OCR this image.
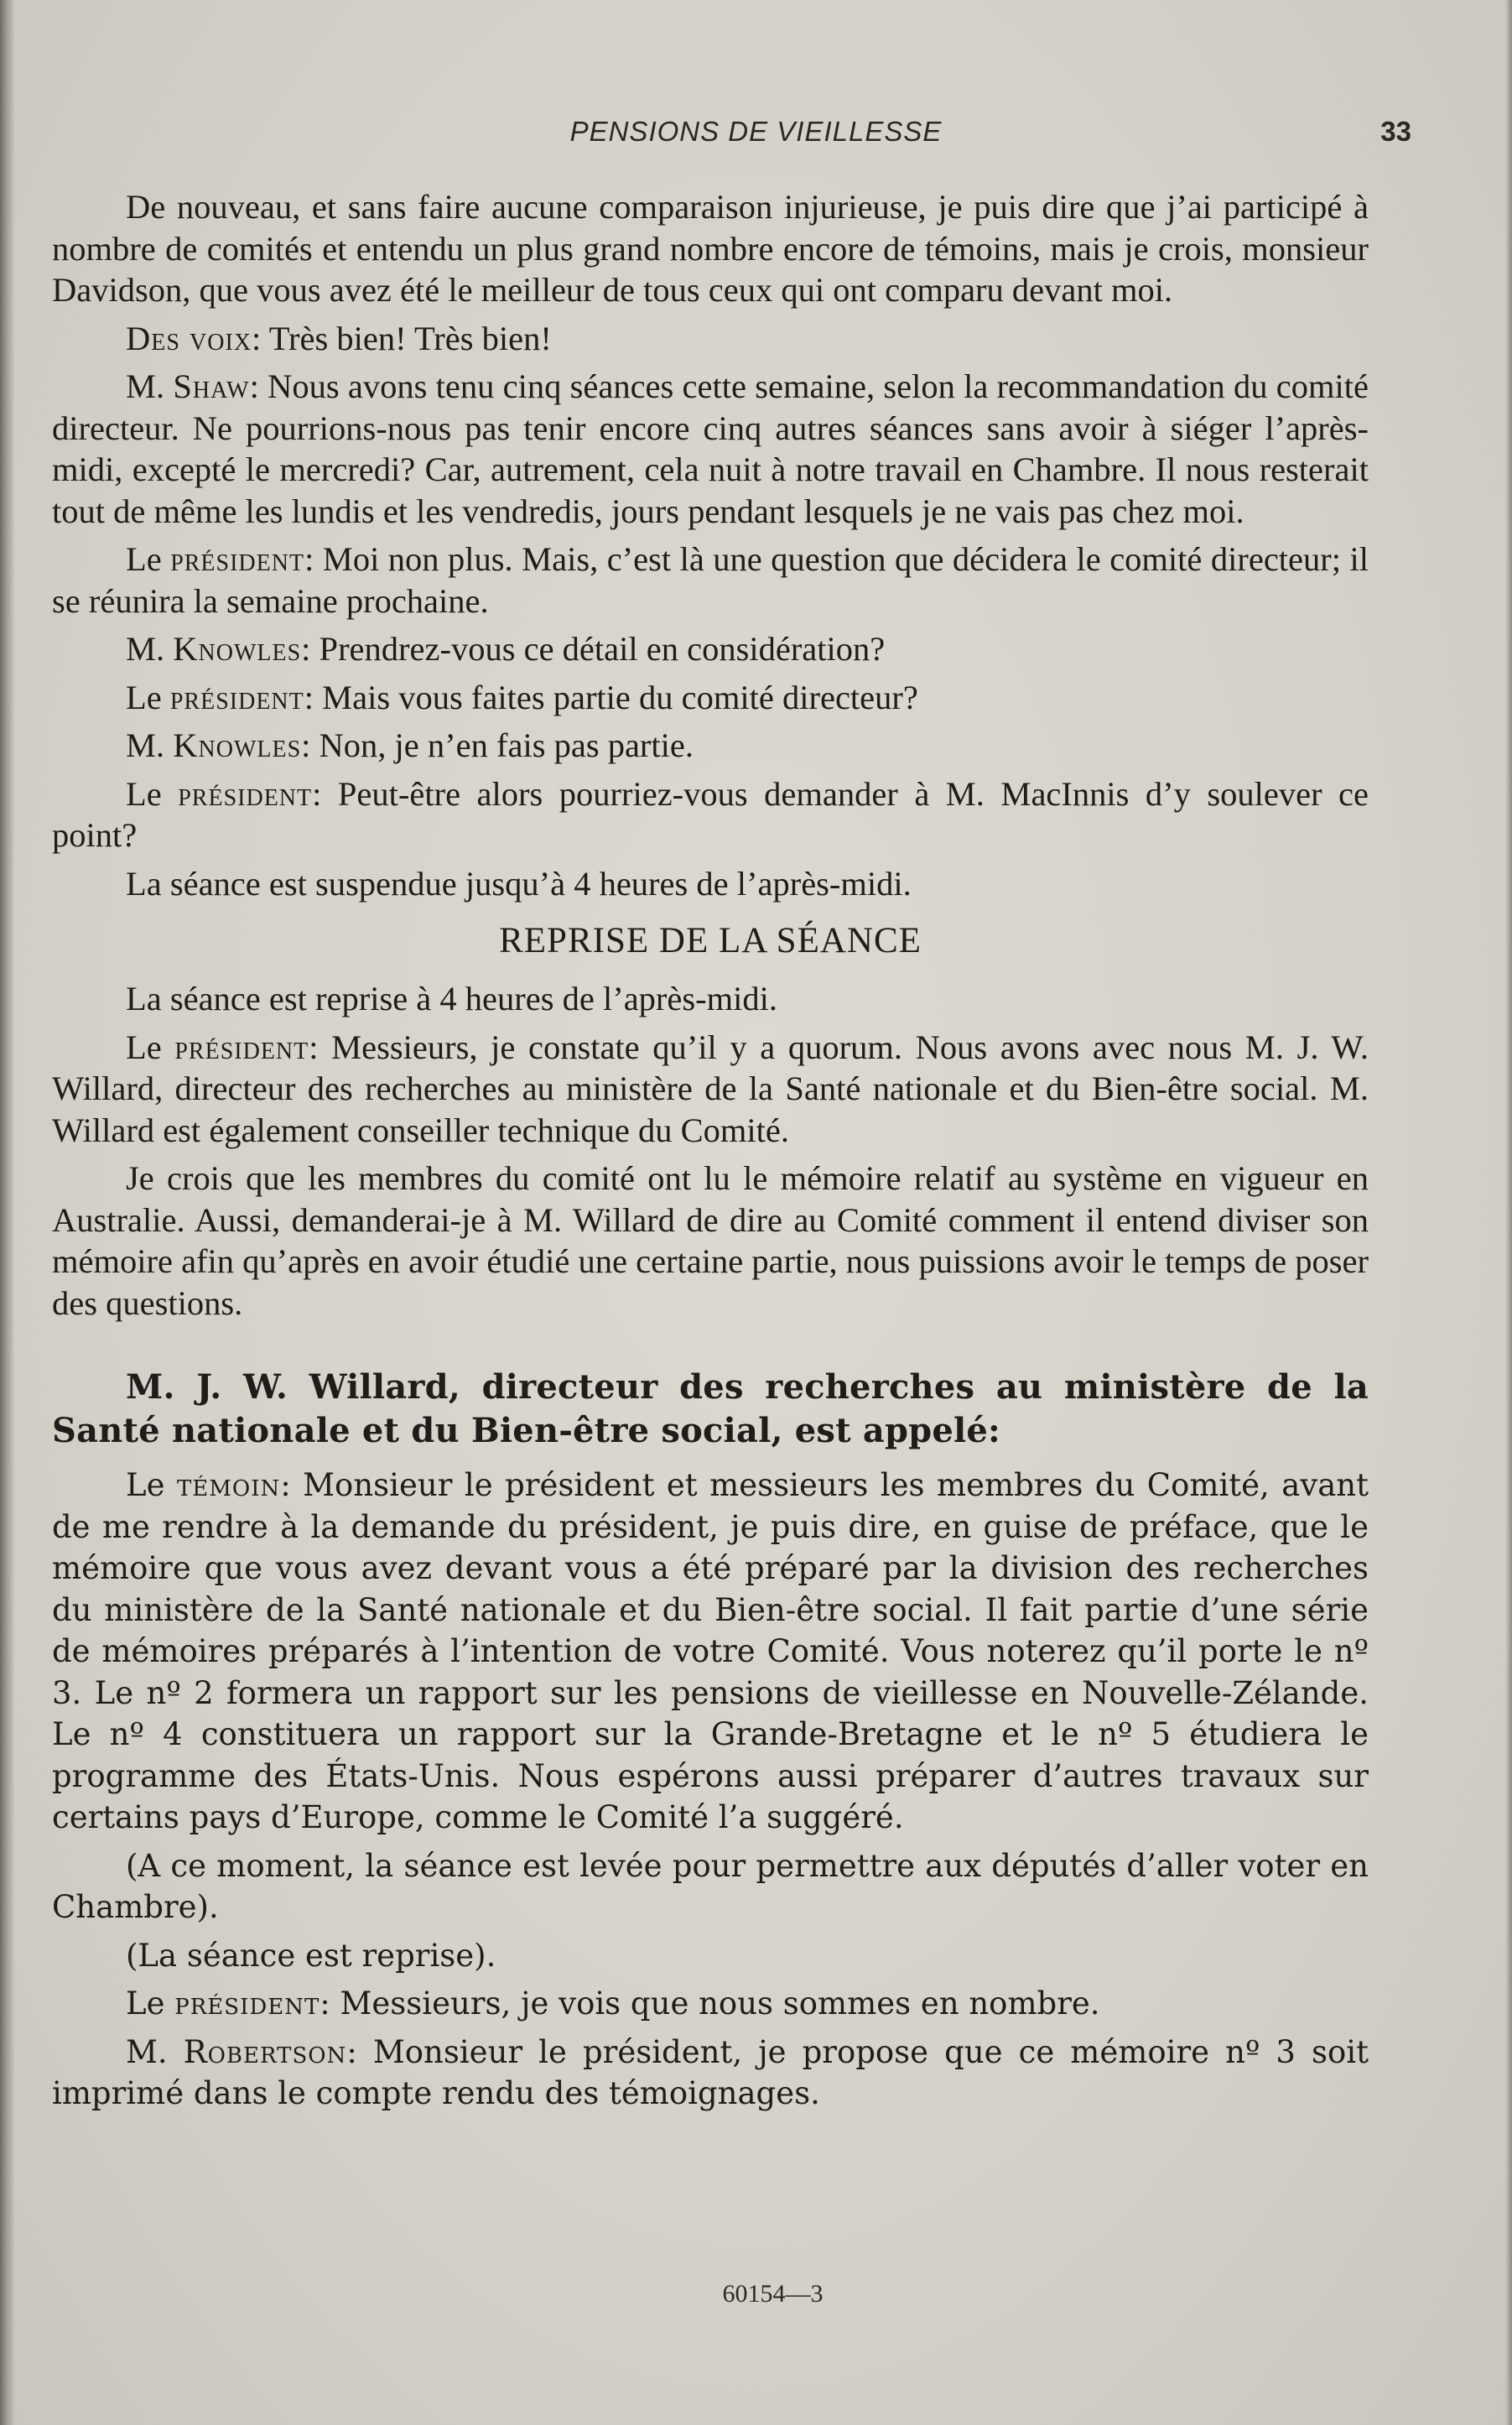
PENSIONS DE VIEILLESSE	33

De nouveau, et sans faire aucune comparaison injurieuse, je puis dire que j’ai participé à nombre de comités et entendu un plus grand nombre encore de témoins, mais je crois, monsieur Davidson, que vous avez été le meilleur de tous ceux qui ont comparu devant moi.

Des voix: Très bien! Très bien!

M. Shaw: Nous avons tenu cinq séances cette semaine, selon la recommandation du comité directeur. Ne pourrions-nous pas tenir encore cinq autres séances sans avoir à siéger l’après-midi, excepté le mercredi? Car, autrement, cela nuit à notre travail en Chambre. Il nous resterait tout de même les lundis et les vendredis, jours pendant lesquels je ne vais pas chez moi.

Le président: Moi non plus. Mais, c’est là une question que décidera le comité directeur; il se réunira la semaine prochaine.

M. Knowles: Prendrez-vous ce détail en considération?

Le président: Mais vous faites partie du comité directeur?

M. Knowles: Non, je n’en fais pas partie.

Le président: Peut-être alors pourriez-vous demander à M. MacInnis d’y soulever ce point?

La séance est suspendue jusqu’à 4 heures de l’après-midi.

REPRISE DE LA SÉANCE

La séance est reprise à 4 heures de l’après-midi.

Le président: Messieurs, je constate qu’il y a quorum. Nous avons avec nous M. J. W. Willard, directeur des recherches au ministère de la Santé nationale et du Bien-être social. M. Willard est également conseiller technique du Comité.

Je crois que les membres du comité ont lu le mémoire relatif au système en vigueur en Australie. Aussi, demanderai-je à M. Willard de dire au Comité comment il entend diviser son mémoire afin qu’après en avoir étudié une certaine partie, nous puissions avoir le temps de poser des questions.

M. J. W. Willard, directeur des recherches au ministère de la Santé nationale et du Bien-être social, est appelé:

Le témoin: Monsieur le président et messieurs les membres du Comité, avant de me rendre à la demande du président, je puis dire, en guise de préface, que le mémoire que vous avez devant vous a été préparé par la division des recherches du ministère de la Santé nationale et du Bien-être social. Il fait partie d’une série de mémoires préparés à l’intention de votre Comité. Vous noterez qu’il porte le nº 3. Le nº 2 formera un rapport sur les pensions de vieillesse en Nouvelle-Zélande. Le nº 4 constituera un rapport sur la Grande-Bretagne et le nº 5 étudiera le programme des États-Unis. Nous espérons aussi préparer d’autres travaux sur certains pays d’Europe, comme le Comité l’a suggéré.

(A ce moment, la séance est levée pour permettre aux députés d’aller voter en Chambre).

(La séance est reprise).

Le président: Messieurs, je vois que nous sommes en nombre.

M. Robertson: Monsieur le président, je propose que ce mémoire nº 3 soit imprimé dans le compte rendu des témoignages.

60154—3
